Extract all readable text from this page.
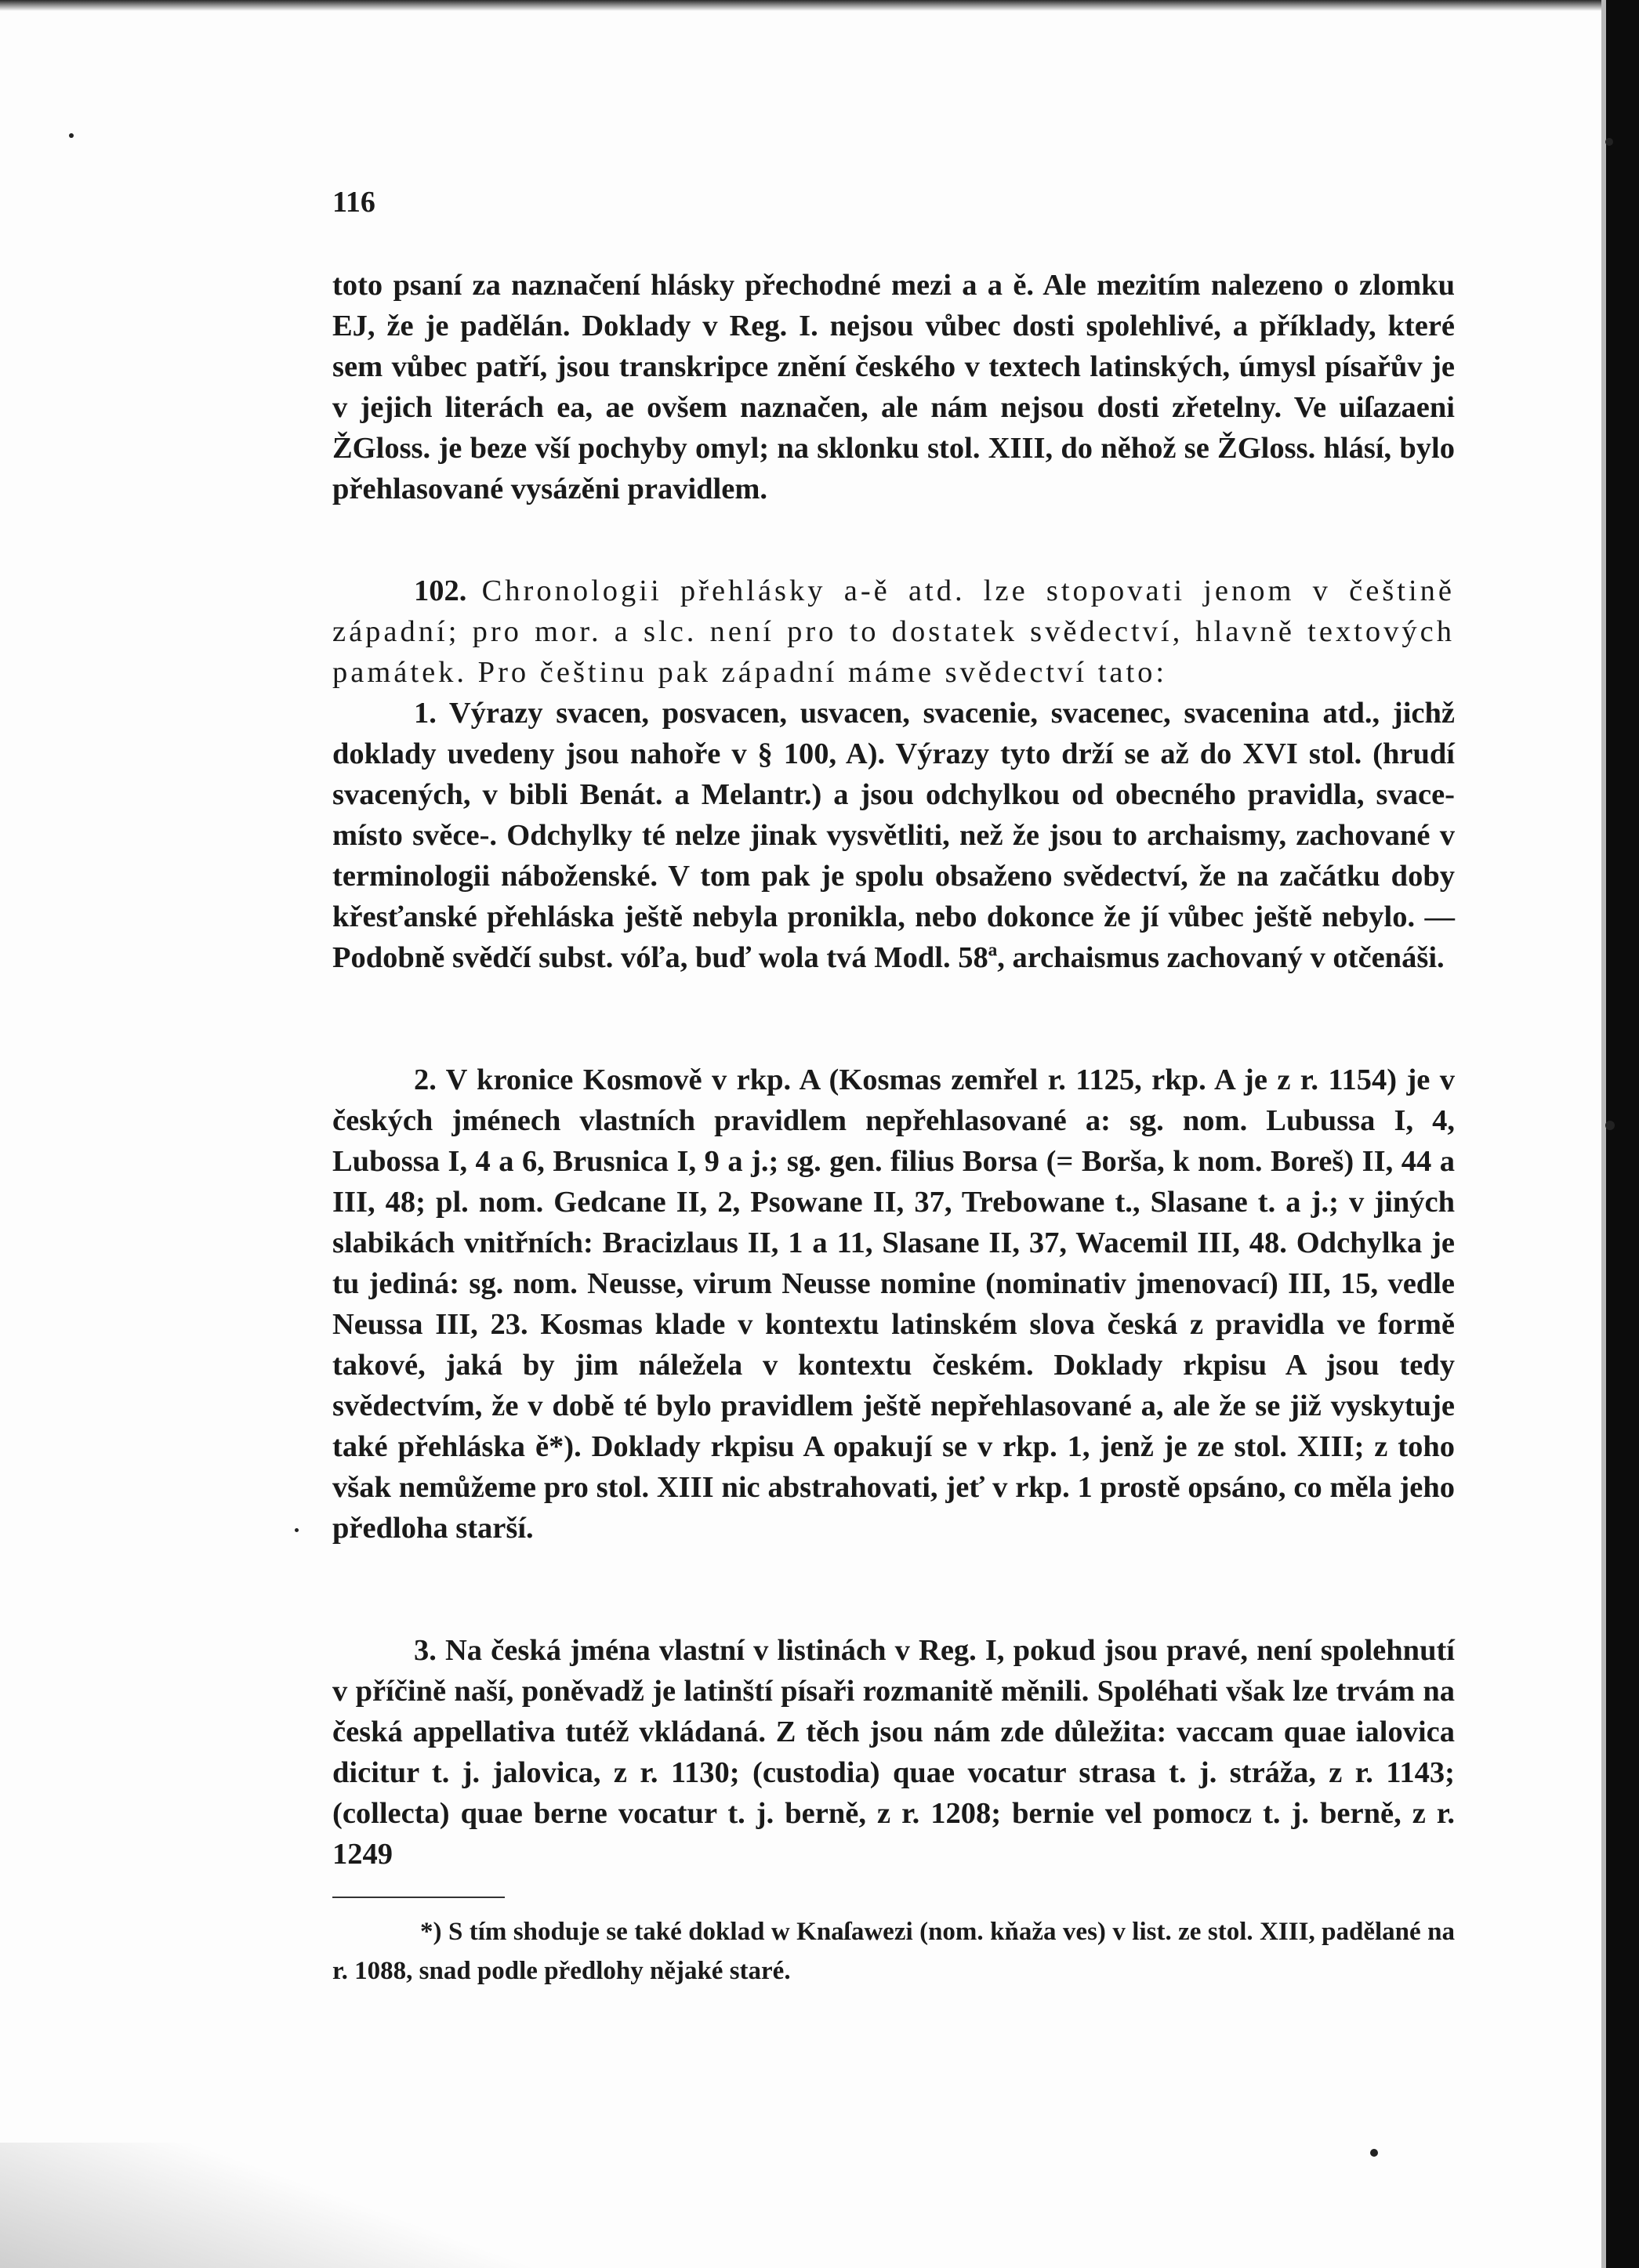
116

toto psaní za naznačení hlásky přechodné mezi a a ě. Ale mezitím nalezeno o zlomku EJ, že je padělán. Doklady v Reg. I. nejsou vůbec dosti spolehlivé, a příklady, které sem vůbec patří, jsou transkripce znění českého v textech latinských, úmysl písařův je v jejich literách ea, ae ovšem naznačen, ale nám nejsou dosti zřetelny. Ve uiſazaeni ŽGloss. je beze vší pochyby omyl; na sklonku stol. XIII, do něhož se ŽGloss. hlásí, bylo přehlasované vysázěni pravidlem.

102. Chronologii přehlásky a-ě atd. lze stopovati jenom v češtině západní; pro mor. a slc. není pro to dostatek svědectví, hlavně textových památek. Pro češtinu pak západní máme svědectví tato:

1. Výrazy svacen, posvacen, usvacen, svacenie, svacenec, svacenina atd., jichž doklady uvedeny jsou nahoře v § 100, A). Výrazy tyto drží se až do XVI stol. (hrudí svacených, v bibli Benát. a Melantr.) a jsou odchylkou od obecného pravidla, svace- místo svěce-. Odchylky té nelze jinak vysvětliti, než že jsou to archaismy, zachované v terminologii náboženské. V tom pak je spolu obsaženo svědectví, že na začátku doby křesťanské přehláska ještě nebyla pronikla, nebo dokonce že jí vůbec ještě nebylo. — Podobně svědčí subst. vóľa, buď wola tvá Modl. 58ª, archaismus zachovaný v otčenáši.

2. V kronice Kosmově v rkp. A (Kosmas zemřel r. 1125, rkp. A je z r. 1154) je v českých jménech vlastních pravidlem nepřehlasované a: sg. nom. Lubussa I, 4, Lubossa I, 4 a 6, Brusnica I, 9 a j.; sg. gen. filius Borsa (= Borša, k nom. Boreš) II, 44 a III, 48; pl. nom. Gedcane II, 2, Psowane II, 37, Trebowane t., Slasane t. a j.; v jiných slabikách vnitřních: Bracizlaus II, 1 a 11, Slasane II, 37, Wacemil III, 48. Odchylka je tu jediná: sg. nom. Neusse, virum Neusse nomine (nominativ jmenovací) III, 15, vedle Neussa III, 23. Kosmas klade v kontextu latinském slova česká z pravidla ve formě takové, jaká by jim náležela v kontextu českém. Doklady rkpisu A jsou tedy svědectvím, že v době té bylo pravidlem ještě nepřehlasované a, ale že se již vyskytuje také přehláska ě*). Doklady rkpisu A opakují se v rkp. 1, jenž je ze stol. XIII; z toho však nemůžeme pro stol. XIII nic abstrahovati, jeť v rkp. 1 prostě opsáno, co měla jeho předloha starší.

3. Na česká jména vlastní v listinách v Reg. I, pokud jsou pravé, není spolehnutí v příčině naší, poněvadž je latinští písaři rozmanitě měnili. Spoléhati však lze trvám na česká appellativa tutéž vkládaná. Z těch jsou nám zde důležita: vaccam quae ialovica dicitur t. j. jalovica, z r. 1130; (custodia) quae vocatur strasa t. j. stráža, z r. 1143; (collecta) quae berne vocatur t. j. berně, z r. 1208; bernie vel pomocz t. j. berně, z r. 1249

*) S tím shoduje se také doklad w Knaſawezi (nom. kňaža ves) v list. ze stol. XIII, padělané na r. 1088, snad podle předlohy nějaké staré.
